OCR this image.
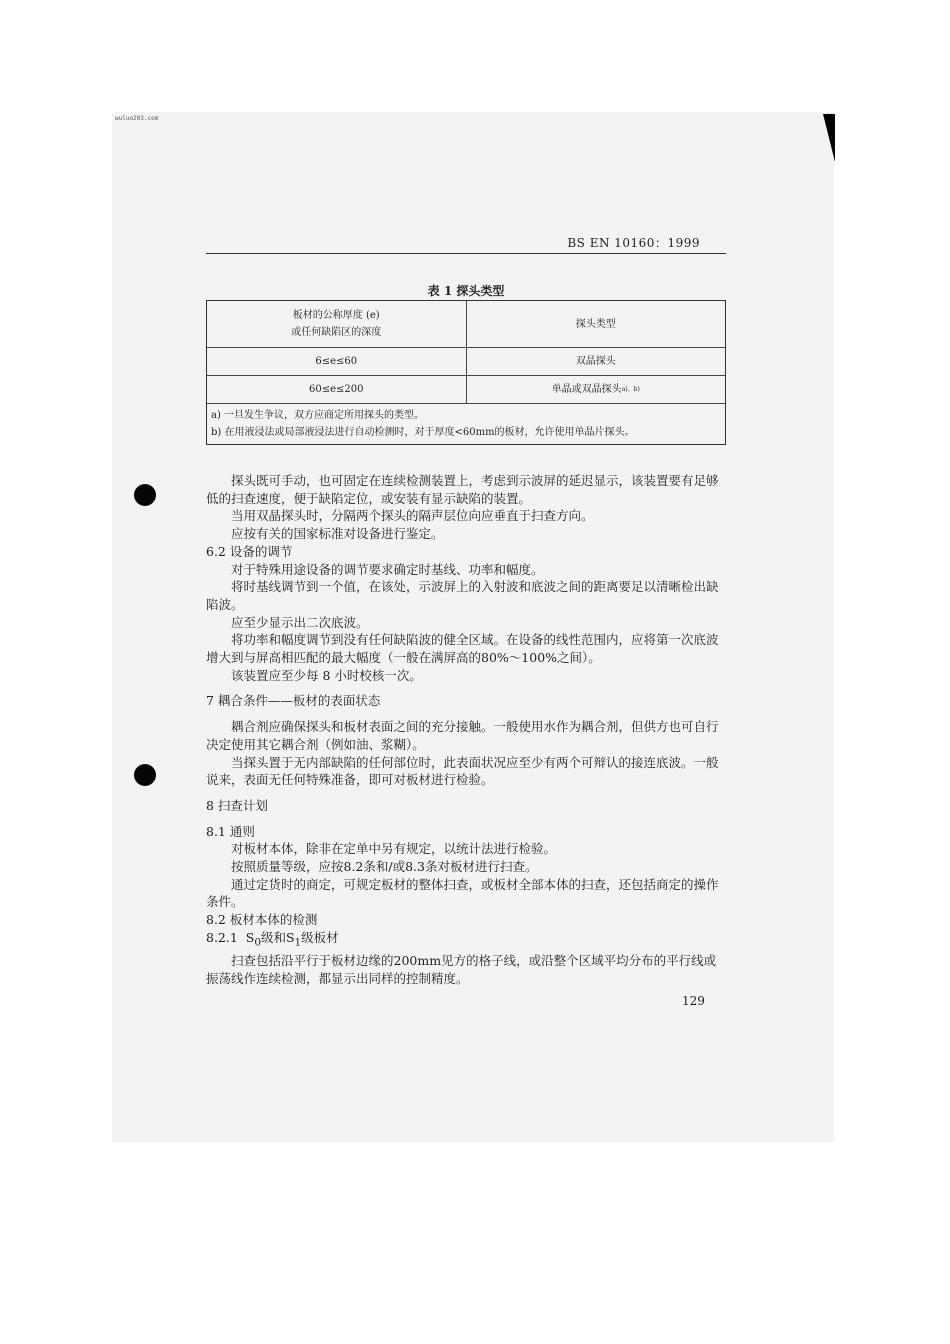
wuluo203.com
BS EN 10160：1999
表 1 探头类型
板材的公称厚度 (e)
或任何缺陷区的深度
探头类型
6≤e≤60	双晶探头
60≤e≤200	单晶或双晶探头 a)、b)
a) 一旦发生争议，双方应商定所用探头的类型。
b) 在用液浸法或局部液浸法进行自动检测时，对于厚度<60mm的板材，允许使用单晶片探头。

探头既可手动，也可固定在连续检测装置上，考虑到示波屏的延迟显示，该装置要有足够低的扫查速度，便于缺陷定位，或安装有显示缺陷的装置。

当用双晶探头时，分隔两个探头的隔声层位向应垂直于扫查方向。

应按有关的国家标准对设备进行鉴定。

6.2 设备的调节

对于特殊用途设备的调节要求确定时基线、功率和幅度。

将时基线调节到一个值，在该处，示波屏上的入射波和底波之间的距离要足以清晰检出缺陷波。

应至少显示出二次底波。

将功率和幅度调节到没有任何缺陷波的健全区域。在设备的线性范围内，应将第一次底波增大到与屏高相匹配的最大幅度（一般在满屏高的80%～100%之间）。

该装置应至少每 8 小时校核一次。

7 耦合条件——板材的表面状态

耦合剂应确保探头和板材表面之间的充分接触。一般使用水作为耦合剂，但供方也可自行决定使用其它耦合剂（例如油、浆糊）。

当探头置于无内部缺陷的任何部位时，此表面状况应至少有两个可辩认的接连底波。一般说来，表面无任何特殊准备，即可对板材进行检验。

8 扫查计划

8.1 通则

对板材本体，除非在定单中另有规定，以统计法进行检验。

按照质量等级，应按8.2条和/或8.3条对板材进行扫查。

通过定货时的商定，可规定板材的整体扫查，或板材全部本体的扫查，还包括商定的操作条件。

8.2 板材本体的检测

8.2.1 $S_0$级和$S_1$级板材

扫查包括沿平行于板材边缘的200mm见方的格子线，或沿整个区域平均分布的平行线或振荡线作连续检测，都显示出同样的控制精度。

129
